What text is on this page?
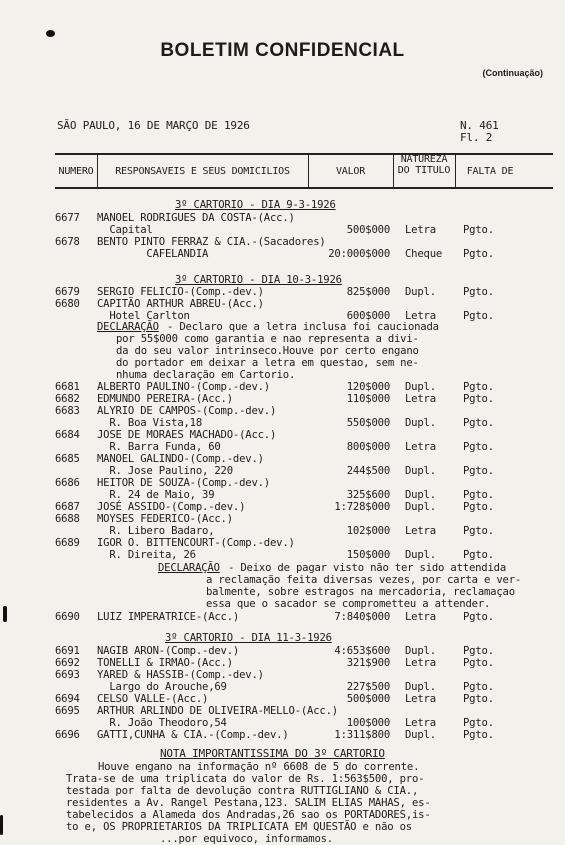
BOLETIM CONFIDENCIAL
(Continuação)
SÃO PAULO, 16 DE MARÇO DE 1926	N. 461
Fl. 2
NUMERO	RESPONSAVEIS E SEUS DOMICILIOS	VALOR
NATUREZA DO TITULO	FALTA DE
3º CARTORIO - DIA 9-3-1926
3º CARTORIO - DIA 10-3-1926
3º CARTORIO - DIA 11-3-1926
6677 MANOEL RODRIGUES DA COSTA-(Acc.)
Capital	500$000 Letra	Pgto.
6678 BENTO PINTO FERRAZ & CIA.-(Sacadores)
CAFELANDIA	20:000$000 Cheque Pgto.
6679 SERGIO FELICIO-(Comp.-dev.)	825$000 Dupl.	Pgto.
6680 CAPITÃO ARTHUR ABREU-(Acc.)
Hotel Carlton	600$000 Letra	Pgto.
6681 ALBERTO PAULINO-(Comp.-dev.)	120$000 Dupl.	Pgto.
6682 EDMUNDO PEREIRA-(Acc.)	110$000 Letra	Pgto.
6683 ALYRIO DE CAMPOS-(Comp.-dev.)
R. Boa Vista,18	550$000 Dupl.	Pgto.
6684 JOSE DE MORAES MACHADO-(Acc.)
R. Barra Funda, 60	800$000 Letra	Pgto.
6685 MANOEL GALINDO-(Comp.-dev.)
R. Jose Paulino, 220	244$500 Dupl.	Pgto.
6686 HEITOR DE SOUZA-(Comp.-dev.)
R. 24 de Maio, 39	325$600 Dupl.	Pgto.
6687 JOSÉ ASSIDO-(Comp.-dev.)	1:728$000 Dupl.	Pgto.
6688 MOYSES FEDERICO-(Acc.)
R. Libero Badaro,	102$000 Letra	Pgto.
6689 IGOR O. BITTENCOURT-(Comp.-dev.)
R. Direita, 26	150$000 Dupl.	Pgto.
6690 LUIZ IMPERATRICE-(Acc.)	7:840$000 Letra	Pgto.
6691 NAGIB ARON-(Comp.-dev.)	4:653$600 Dupl.	Pgto.
6692 TONELLI & IRMAO-(Acc.)	321$900 Letra	Pgto.
6693 YARED & HASSIB-(Comp.-dev.)
Largo do Arouche,69	227$500 Dupl.	Pgto.
6694 CELSO VALLE-(Acc.)	500$000 Letra	Pgto.
6695 ARTHUR ARLINDO DE OLIVEIRA-MELLO-(Acc.)
R. João Theodoro,54	100$000 Letra	Pgto.
6696 GATTI,CUNHA & CIA.-(Comp.-dev.)	1:311$800 Dupl.	Pgto.
DECLARAÇÃO - Declaro que a letra inclusa foi caucionada
por 55$000 como garantia e nao representa a divi-
da do seu valor intrinseco.Houve por certo engano
do portador em deixar a letra em questao, sem ne-
nhuma declaração em Cartorio.
DECLARAÇÃO - Deixo de pagar visto não ter sido attendida
a reclamação feita diversas vezes, por carta e ver-
balmente, sobre estragos na mercadoria, reclamaçao
essa que o sacador se comprometteu a attender.
NOTA IMPORTANTISSIMA DO 3º CARTORIO
Houve engano na informação nº 6608 de 5 do corrente.
Trata-se de uma triplicata do valor de Rs. 1:563$500, pro-
testada por falta de devolução contra RUTTIGLIANO & CIA.,
residentes a Av. Rangel Pestana,123. SALIM ELIAS MAHAS, es-
tabelecidos a Alameda dos Andradas,26 sao os PORTADORES,is-
to e, OS PROPRIETARIOS DA TRIPLICATA EM QUESTÃO e não os
...por equivoco, informamos.
